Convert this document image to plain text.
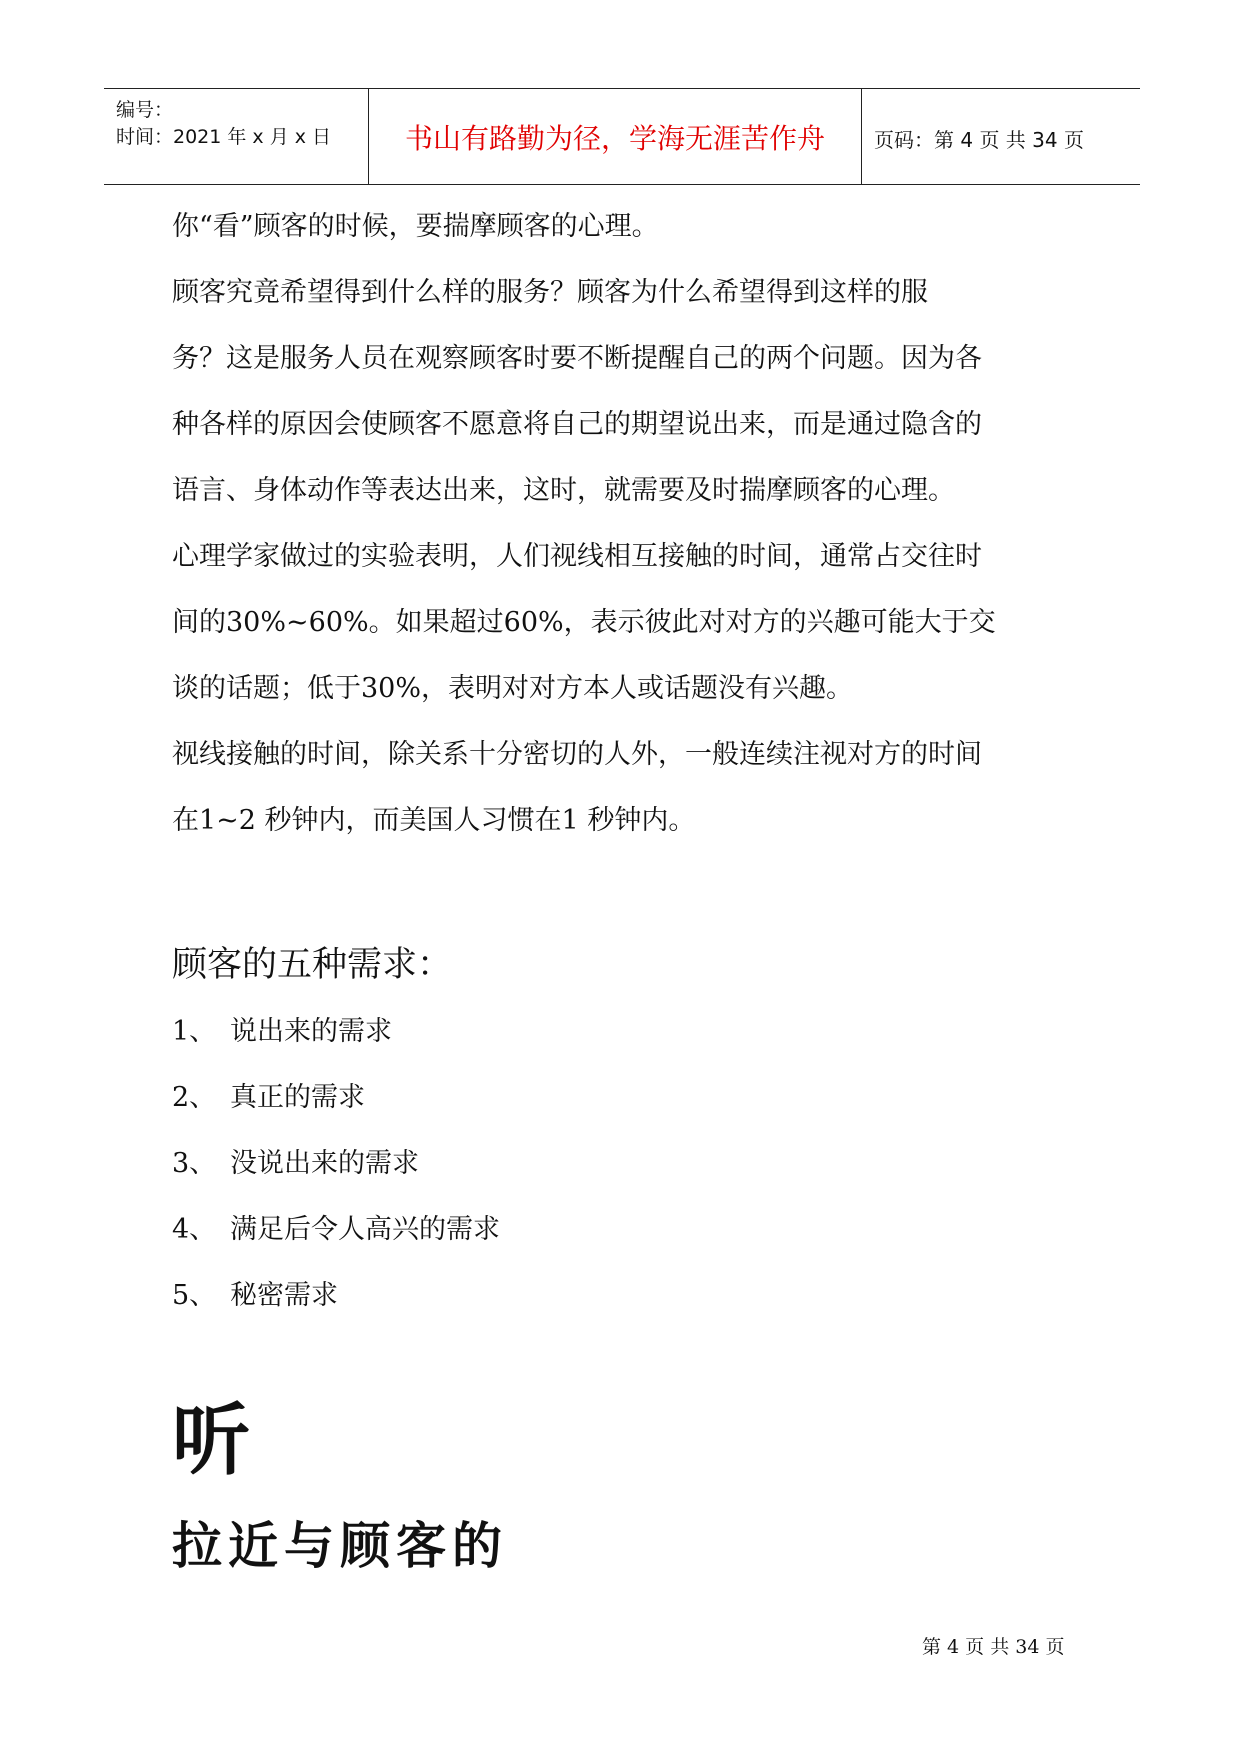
编号：
时间：2021 年 x 月 x 日	书山有路勤为径，学海无涯苦作舟	页码：第 4 页 共 34 页

你“看”顾客的时候，要揣摩顾客的心理。

顾客究竟希望得到什么样的服务？顾客为什么希望得到这样的服

务？这是服务人员在观察顾客时要不断提醒自己的两个问题。因为各

种各样的原因会使顾客不愿意将自己的期望说出来，而是通过隐含的

语言、身体动作等表达出来，这时，就需要及时揣摩顾客的心理。

心理学家做过的实验表明，人们视线相互接触的时间，通常占交往时

间的30%~60%。如果超过60%，表示彼此对对方的兴趣可能大于交

谈的话题；低于30%，表明对对方本人或话题没有兴趣。

视线接触的时间，除关系十分密切的人外，一般连续注视对方的时间

在1~2 秒钟内，而美国人习惯在1 秒钟内。

顾客的五种需求：
1、 说出来的需求
2、 真正的需求
3、 没说出来的需求
4、 满足后令人高兴的需求
5、 秘密需求
听
拉近与顾客的
第 4 页 共 34 页
